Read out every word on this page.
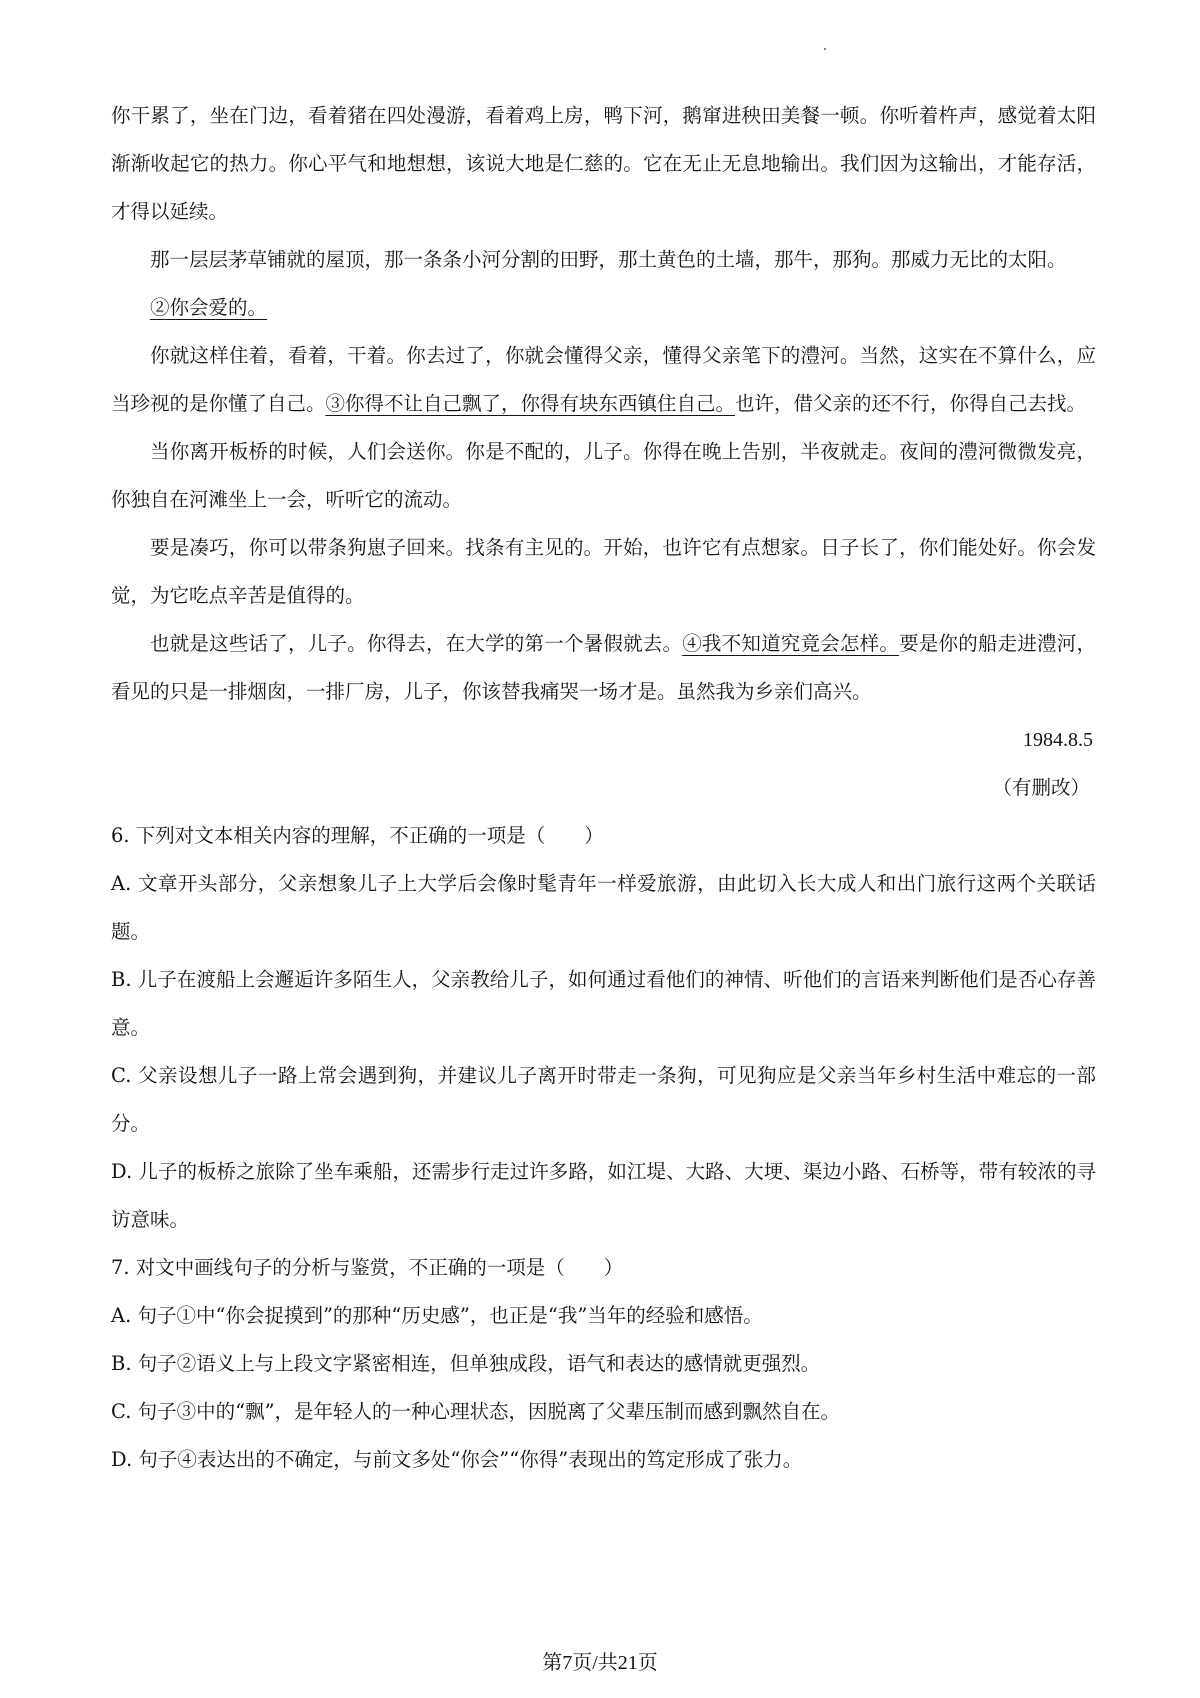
你干累了，坐在门边，看着猪在四处漫游，看着鸡上房，鸭下河，鹅窜进秧田美餐一顿。你听着杵声，感觉着太阳渐渐收起它的热力。你心平气和地想想，该说大地是仁慈的。它在无止无息地输出。我们因为这输出，才能存活，才得以延续。

那一层层茅草铺就的屋顶，那一条条小河分割的田野，那土黄色的土墙，那牛，那狗。那威力无比的太阳。

②你会爱的。

你就这样住着，看着，干着。你去过了，你就会懂得父亲，懂得父亲笔下的澧河。当然，这实在不算什么，应当珍视的是你懂了自己。③你得不让自己飘了，你得有块东西镇住自己。也许，借父亲的还不行，你得自己去找。

当你离开板桥的时候，人们会送你。你是不配的，儿子。你得在晚上告别，半夜就走。夜间的澧河微微发亮，你独自在河滩坐上一会，听听它的流动。

要是凑巧，你可以带条狗崽子回来。找条有主见的。开始，也许它有点想家。日子长了，你们能处好。你会发觉，为它吃点辛苦是值得的。

也就是这些话了，儿子。你得去，在大学的第一个暑假就去。④我不知道究竟会怎样。要是你的船走进澧河，看见的只是一排烟囱，一排厂房，儿子，你该替我痛哭一场才是。虽然我为乡亲们高兴。

1984.8.5

（有删改）

6. 下列对文本相关内容的理解，不正确的一项是（　　）

A. 文章开头部分，父亲想象儿子上大学后会像时髦青年一样爱旅游，由此切入长大成人和出门旅行这两个关联话题。

B. 儿子在渡船上会邂逅许多陌生人，父亲教给儿子，如何通过看他们的神情、听他们的言语来判断他们是否心存善意。

C. 父亲设想儿子一路上常会遇到狗，并建议儿子离开时带走一条狗，可见狗应是父亲当年乡村生活中难忘的一部分。

D. 儿子的板桥之旅除了坐车乘船，还需步行走过许多路，如江堤、大路、大埂、渠边小路、石桥等，带有较浓的寻访意味。

7. 对文中画线句子的分析与鉴赏，不正确的一项是（　　）

A. 句子①中“你会捉摸到”的那种“历史感”，也正是“我”当年的经验和感悟。

B. 句子②语义上与上段文字紧密相连，但单独成段，语气和表达的感情就更强烈。

C. 句子③中的“飘”，是年轻人的一种心理状态，因脱离了父辈压制而感到飘然自在。

D. 句子④表达出的不确定，与前文多处“你会”“你得”表现出的笃定形成了张力。

第7页/共21页
